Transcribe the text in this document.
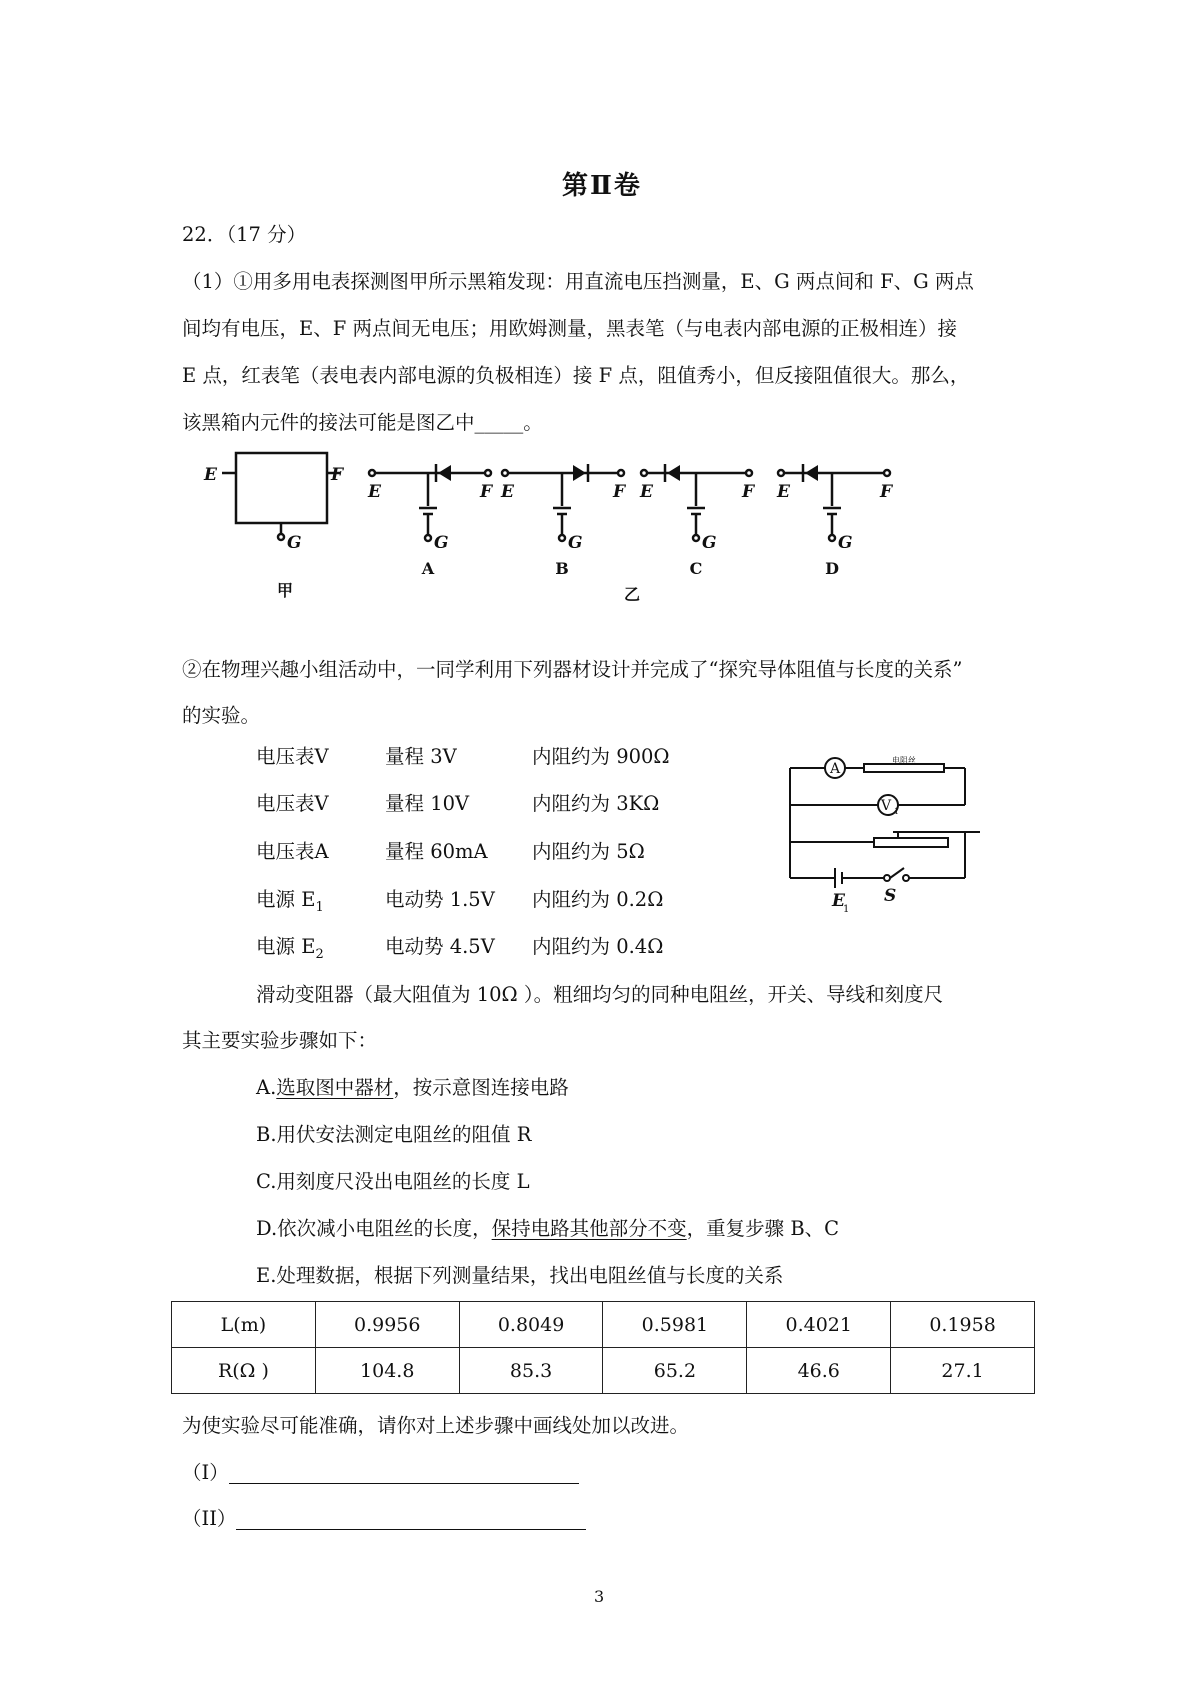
第Ⅱ卷
22．（17 分）
（1）①用多用电表探测图甲所示黑箱发现：用直流电压挡测量，E、G 两点间和 F、G 两点
间均有电压，E、F 两点间无电压；用欧姆测量，黑表笔（与电表内部电源的正极相连）接
E 点，红表笔（表电表内部电源的负极相连）接 F 点，阻值秀小，但反接阻值很大。那么，
该黑箱内元件的接法可能是图乙中_____。
E	F
G
E	F
G
E	F
G
E	F
G
E	F
G
A	B	C	D
甲	乙
②在物理兴趣小组活动中，一同学利用下列器材设计并完成了“探究导体阻值与长度的关系”
的实验。
电压表V	量程 3V	内阻约为 900Ω
电压表V	量程 10V	内阻约为 3KΩ
电压表A	量程 60mA 内阻约为 5Ω
电源 $E_1$	电动势 1.5V 内阻约为 0.2Ω
电源 $E_2$	电动势 4.5V 内阻约为 0.4Ω
A
V 1
电阻丝
E
1
S
滑动变阻器（最大阻值为 10Ω ）。粗细均匀的同种电阻丝，开关、导线和刻度尺
其主要实验步骤如下：
A.选取图中器材，按示意图连接电路
B.用伏安法测定电阻丝的阻值 R
C.用刻度尺没出电阻丝的长度 L
D.依次减小电阻丝的长度，保持电路其他部分不变，重复步骤 B、C
E.处理数据，根据下列测量结果，找出电阻丝值与长度的关系
L(m)	0.9956	0.8049	0.5981	0.4021	0.1958
R(Ω )	104.8	85.3	65.2	46.6	27.1
为使实验尽可能准确，请你对上述步骤中画线处加以改进。
（I）
（II）
3
